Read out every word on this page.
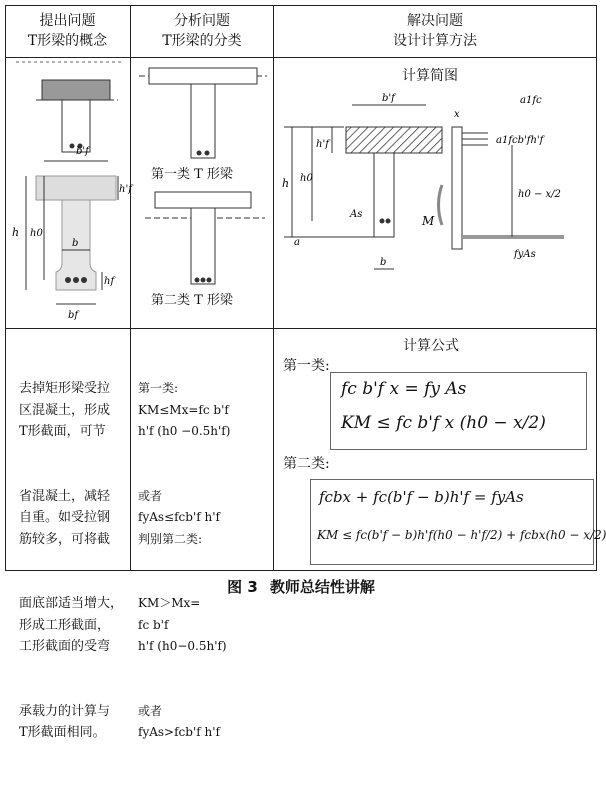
提出问题
T形梁的概念
分析问题
T形梁的分类
解决问题
设计计算方法
b'f
h h0
h'f
b
hf
bf
第一类 T 形梁
第二类 T 形梁
计算简图
h h0
h'f
b'f
As
a
b
M
a1fc
a1fcb'fh'f
h0 − x/2
fyAs
x

去掉矩形梁受拉
区混凝土，形成
T形截面，可节

省混凝土，减轻
自重。如受拉钢
筋较多，可将截

面底部适当增大，
形成工形截面，
工形截面的受弯

承载力的计算与
T形截面相同。

第一类:
KM≤Mx=fc b'f
h'f (h0 −0.5h'f)

或者
fyAs≤fcb'f h'f
判别第二类:

KM＞Mx=
fc b'f
h'f (h0−0.5h'f)

或者
fyAs>fcb'f h'f

计算公式
第一类:
fc b'f x = fy As
KM ≤ fc b'f x (h0 − x/2)
第二类:
fcbx + fc(b'f − b)h'f = fyAs
KM ≤ fc(b'f − b)h'f(h0 − h'f/2) + fcbx(h0 − x/2)
图 3 教师总结性讲解
